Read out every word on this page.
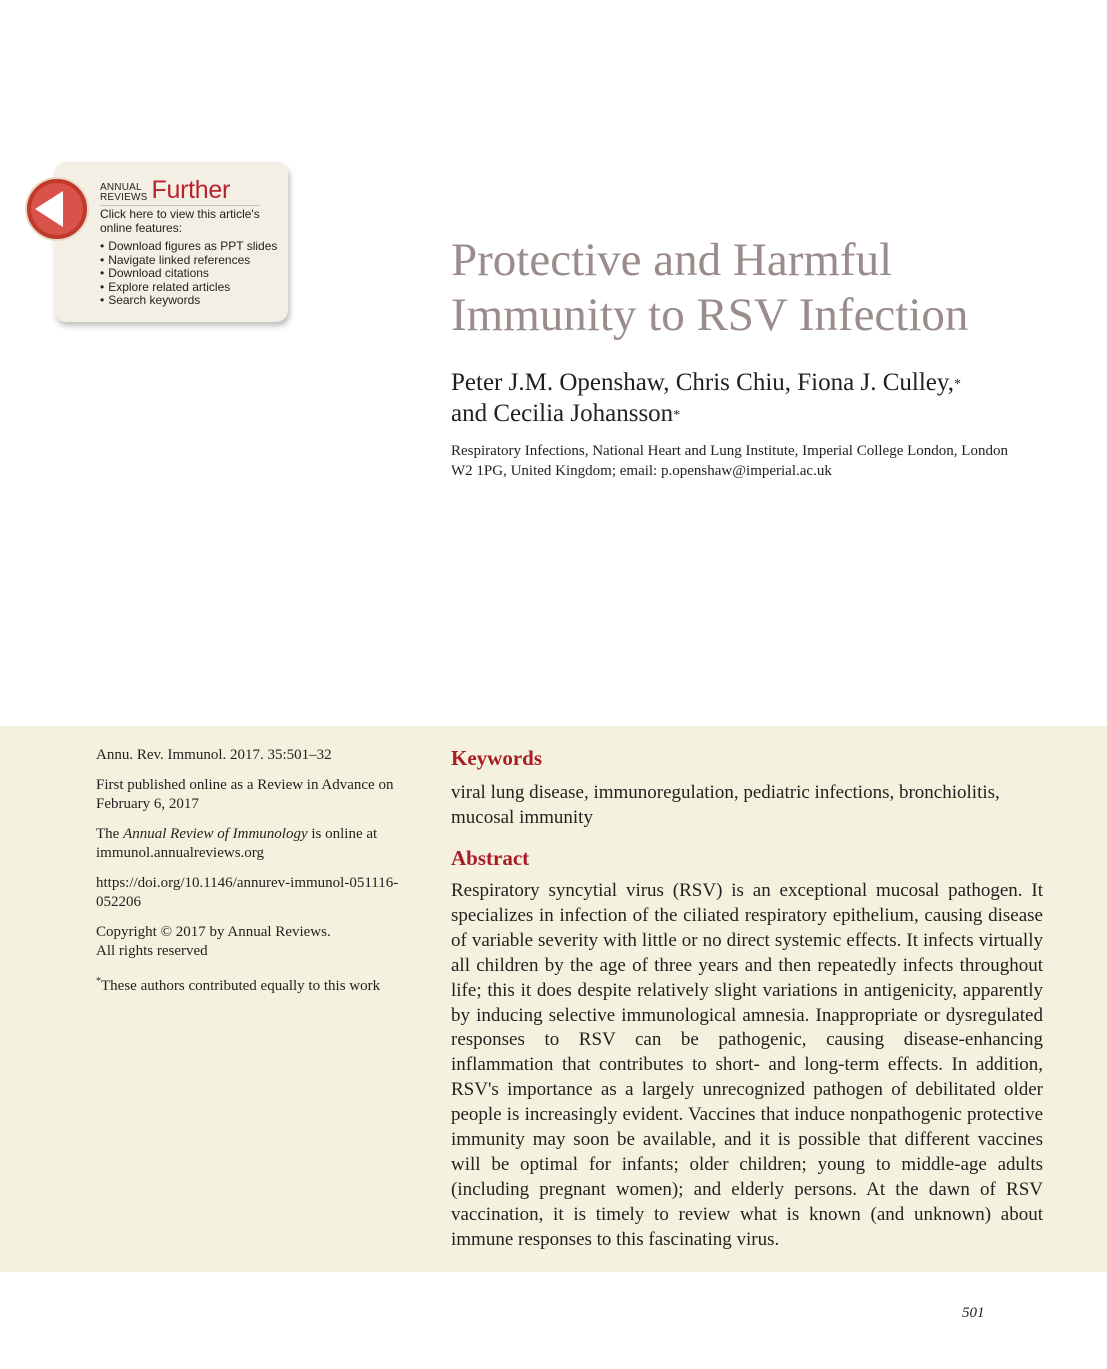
ANNUAL
REVIEWS Further
Click here to view this article's online features:
• Download figures as PPT slides
• Navigate linked references
• Download citations
• Explore related articles
• Search keywords
Protective and Harmful Immunity to RSV Infection
Peter J.M. Openshaw, Chris Chiu, Fiona J. Culley,*
and Cecilia Johansson*
Respiratory Infections, National Heart and Lung Institute, Imperial College London, London W2 1PG, United Kingdom; email: p.openshaw@imperial.ac.uk

Annu. Rev. Immunol. 2017. 35:501–32

First published online as a Review in Advance on February 6, 2017

The Annual Review of Immunology is online at immunol.annualreviews.org

https://doi.org/10.1146/annurev-immunol-051116-052206

Copyright © 2017 by Annual Reviews.
All rights reserved

*These authors contributed equally to this work

Keywords
viral lung disease, immunoregulation, pediatric infections, bronchiolitis, mucosal immunity
Abstract

Respiratory syncytial virus (RSV) is an exceptional mucosal pathogen. It specializes in infection of the ciliated respiratory epithelium, causing disease of variable severity with little or no direct systemic effects. It infects virtually all children by the age of three years and then repeatedly infects throughout life; this it does despite relatively slight variations in antigenicity, apparently by inducing selective immunological amnesia. Inappropriate or dysregulated responses to RSV can be pathogenic, causing disease-enhancing inflammation that contributes to short- and long-term effects. In addition, RSV's importance as a largely unrecognized pathogen of debilitated older people is increasingly evident. Vaccines that induce nonpathogenic protective immunity may soon be available, and it is possible that different vaccines will be optimal for infants; older children; young to middle-age adults (including pregnant women); and elderly persons. At the dawn of RSV vaccination, it is timely to review what is known (and unknown) about immune responses to this fascinating virus.

501
